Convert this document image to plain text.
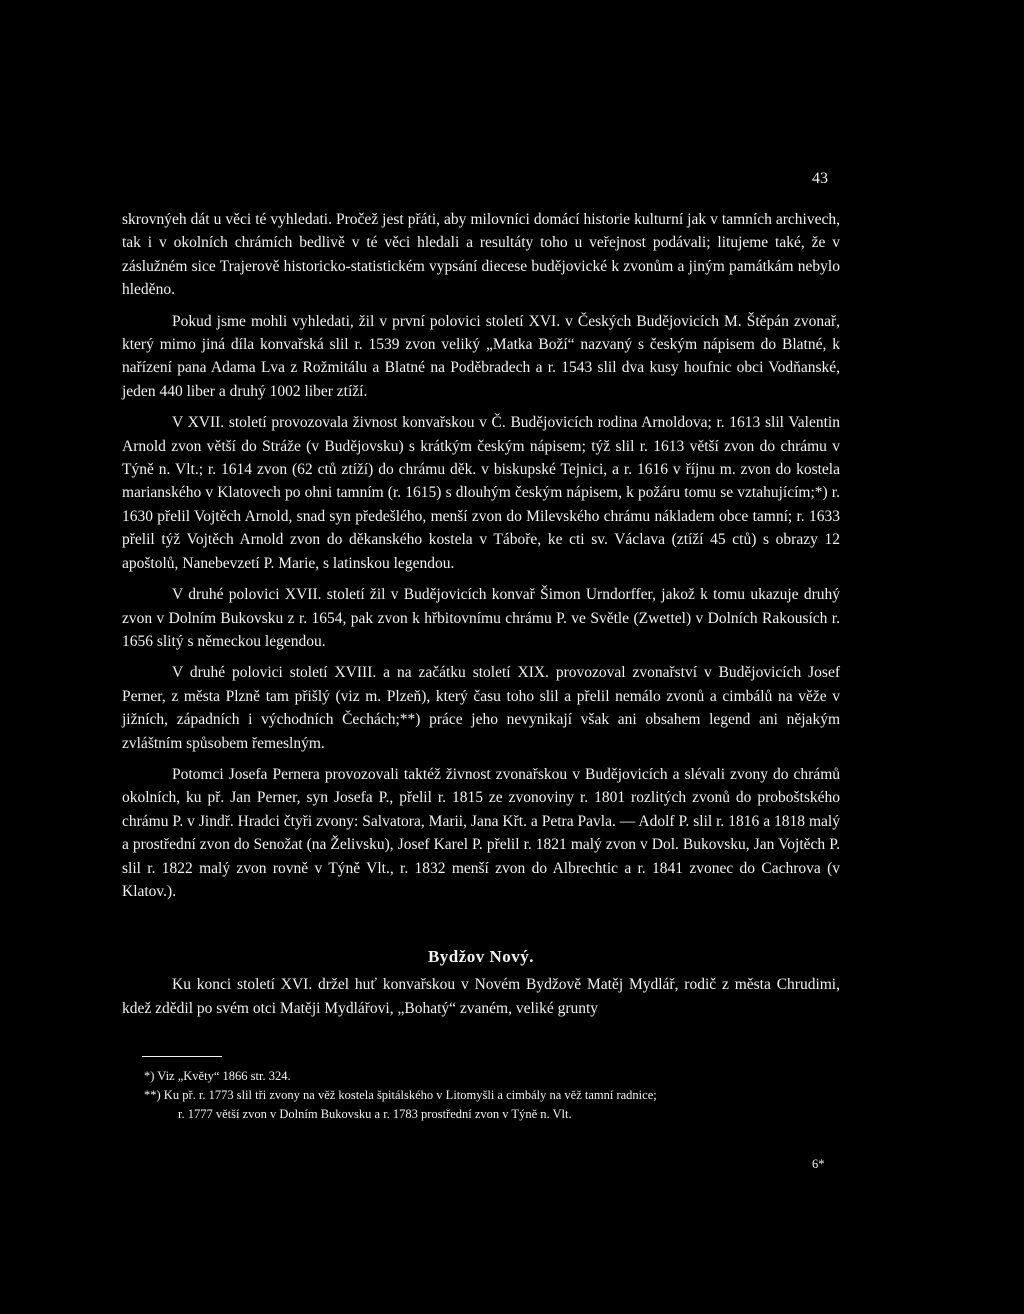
43

skrovnýeh dát u věci té vyhledati. Pročež jest přáti, aby milovníci domácí historie kulturní jak v tamních archivech, tak i v okolních chrámích bedlivě v té věci hledali a resultáty toho u veřejnost podávali; litujeme také, že v záslužném sice Trajerově historicko-statistickém vypsání diecese budějovické k zvonům a jiným památkám nebylo hleděno.

Pokud jsme mohli vyhledati, žil v první polovici století XVI. v Českých Budějovicích M. Štěpán zvonař, který mimo jiná díla konvařská slil r. 1539 zvon veliký „Matka Boží“ nazvaný s českým nápisem do Blatné, k nařízení pana Adama Lva z Rožmitálu a Blatné na Poděbradech a r. 1543 slil dva kusy houfnic obci Vodňanské, jeden 440 liber a druhý 1002 liber ztíží.

V XVII. století provozovala živnost konvařskou v Č. Budějovicích rodina Arnoldova; r. 1613 slil Valentin Arnold zvon větší do Stráže (v Budějovsku) s krátkým českým nápisem; týž slil r. 1613 větší zvon do chrámu v Týně n. Vlt.; r. 1614 zvon (62 ctů ztíží) do chrámu děk. v biskupské Tejnici, a r. 1616 v říjnu m. zvon do kostela marianského v Klatovech po ohni tamním (r. 1615) s dlouhým českým nápisem, k požáru tomu se vztahujícím;*) r. 1630 přelil Vojtěch Arnold, snad syn předešlého, menší zvon do Milevského chrámu nákladem obce tamní; r. 1633 přelil týž Vojtěch Arnold zvon do děkanského kostela v Táboře, ke cti sv. Václava (ztíží 45 ctů) s obrazy 12 apoštolů, Nanebevzetí P. Marie, s latinskou legendou.

V druhé polovici XVII. století žil v Budějovicích konvař Šimon Urndorffer, jakož k tomu ukazuje druhý zvon v Dolním Bukovsku z r. 1654, pak zvon k hřbitovnímu chrámu P. ve Světle (Zwettel) v Dolních Rakousích r. 1656 slitý s německou legendou.

V druhé polovici století XVIII. a na začátku století XIX. provozoval zvonařství v Budějovicích Josef Perner, z města Plzně tam přišlý (viz m. Plzeň), který času toho slil a přelil nemálo zvonů a cimbálů na věže v jižních, západních i východních Čechách;**) práce jeho nevynikají však ani obsahem legend ani nějakým zvláštním spůsobem řemeslným.

Potomci Josefa Pernera provozovali taktéž živnost zvonařskou v Budějovicích a slévali zvony do chrámů okolních, ku př. Jan Perner, syn Josefa P., přelil r. 1815 ze zvonoviny r. 1801 rozlitých zvonů do proboštského chrámu P. v Jindř. Hradci čtyři zvony: Salvatora, Marii, Jana Křt. a Petra Pavla. — Adolf P. slil r. 1816 a 1818 malý a prostřední zvon do Senožat (na Želivsku), Josef Karel P. přelil r. 1821 malý zvon v Dol. Bukovsku, Jan Vojtěch P. slil r. 1822 malý zvon rovně v Týně Vlt., r. 1832 menší zvon do Albrechtic a r. 1841 zvonec do Cachrova (v Klatov.).

Bydžov Nový.

Ku konci století XVI. držel huť konvařskou v Novém Bydžově Matěj Mydlář, rodič z města Chrudimi, kdež zdědil po svém otci Matěji Mydlářovi, „Bohatý“ zvaném, veliké grunty

*) Viz „Květy“ 1866 str. 324.

**) Ku př. r. 1773 slil tři zvony na věž kostela špitálského v Litomyšli a cimbály na věž tamní radnice;

r. 1777 větší zvon v Dolním Bukovsku a r. 1783 prostřední zvon v Týně n. Vlt.

6*
